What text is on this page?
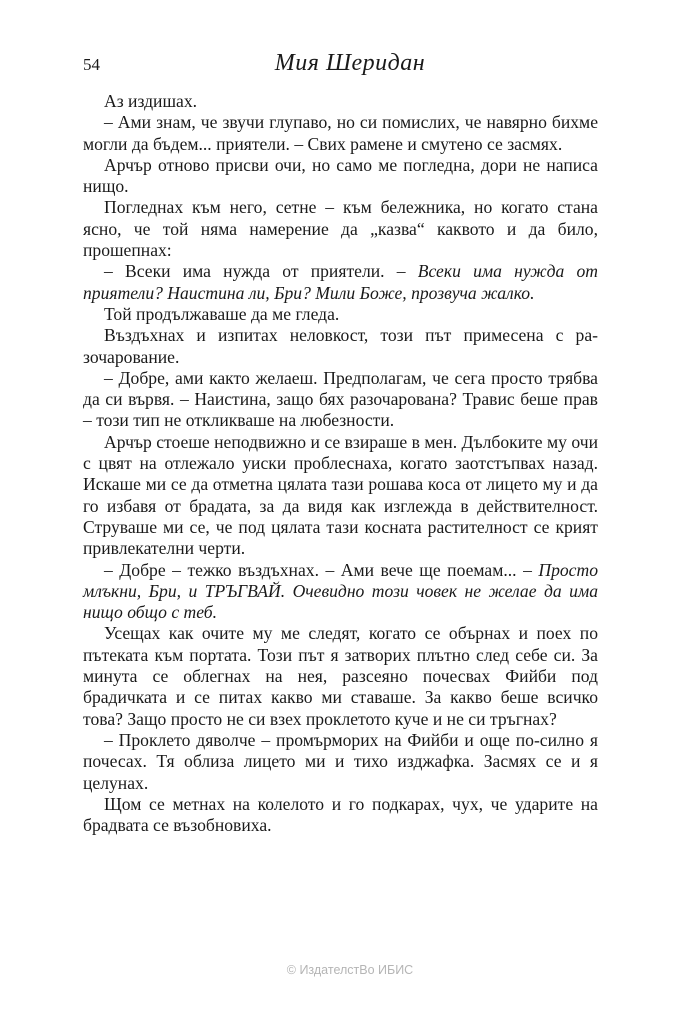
54	Мия Шеридан

Аз издишах.

– Ами знам, че звучи глупаво, но си помислих, че навярно бихме могли да бъдем... приятели. – Свих рамене и смутено се засмях.

Арчър отново присви очи, но само ме погледна, дори не написа нищо.

Погледнах към него, сетне – към бележника, но когато стана ясно, че той няма намерение да „казва“ каквото и да било, прошепнах:

– Всеки има нужда от приятели. – Всеки има нужда от приятели? Наистина ли, Бри? Мили Боже, прозвуча жалко.

Той продължаваше да ме гледа.

Въздъхнах и изпитах неловкост, този път примесена с разочарование.

– Добре, ами както желаеш. Предполагам, че сега просто трябва да си вървя. – Наистина, защо бях разочарована? Травис беше прав – този тип не откликваше на любезности.

Арчър стоеше неподвижно и се взираше в мен. Дълбоките му очи с цвят на отлежало уиски проблеснаха, когато заотстъпвах назад. Искаше ми се да отметна цялата тази рошава коса от лицето му и да го избавя от брадата, за да видя как изглежда в действителност. Струваше ми се, че под цялата тази косната растителност се крият привлекателни черти.

– Добре – тежко въздъхнах. – Ами вече ще поемам... – Просто млъкни, Бри, и ТРЪГВАЙ. Очевидно този човек не желае да има нищо общо с теб.

Усещах как очите му ме следят, когато се обърнах и поех по пътеката към портата. Този път я затворих плътно след себе си. За минута се облегнах на нея, разсеяно почесвах Фийби под брадичката и се питах какво ми ставаше. За какво беше всичко това? Защо просто не си взех проклетото куче и не си тръгнах?

– Проклето дяволче – промърморих на Фийби и още по-силно я почесах. Тя облиза лицето ми и тихо изджафка. Засмях се и я целунах.

Щом се метнах на колелото и го подкарах, чух, че ударите на брадвата се възобновиха.

© ИздателстВо ИБИС
